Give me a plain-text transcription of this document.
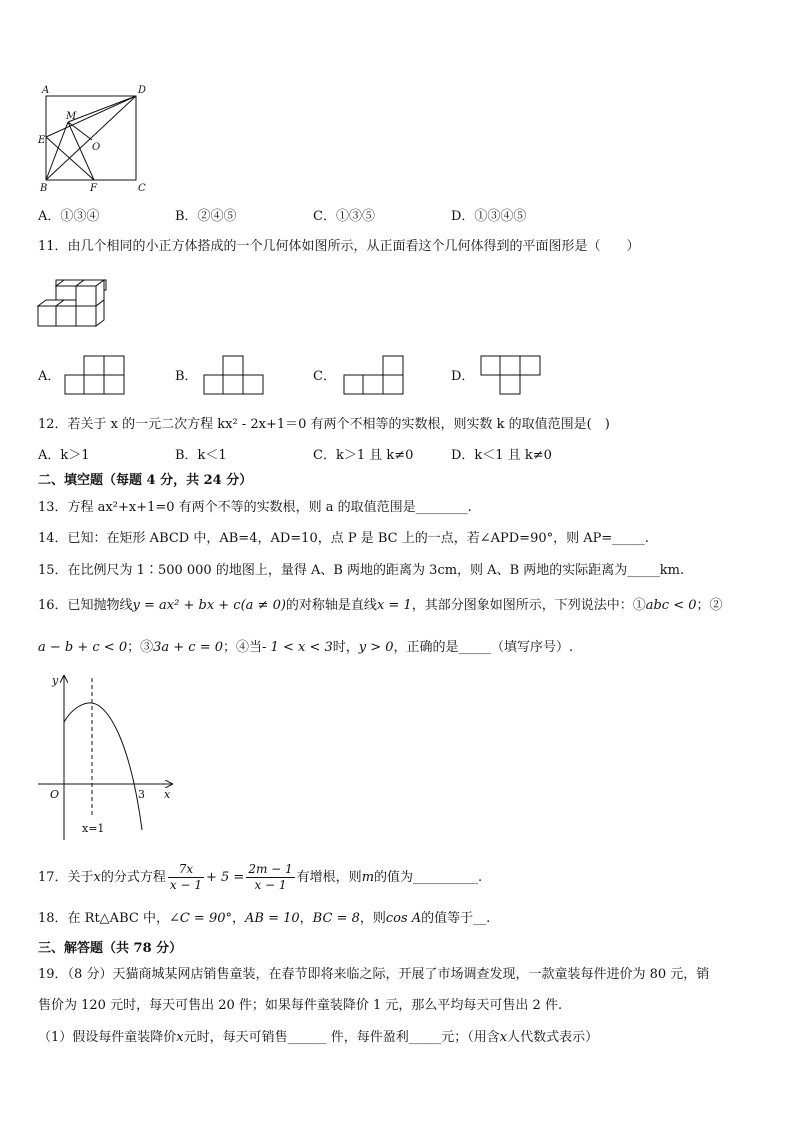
A	D
M
E
O
B	F	C
A．①③④	B．②④⑤	C．①③⑤	D．①③④⑤
11．由几个相同的小正方体搭成的一个几何体如图所示，从正面看这个几何体得到的平面图形是（　　）
A．	B．	C．	D．
12．若关于 x 的一元二次方程 kx² - 2x+1＝0 有两个不相等的实数根，则实数 k 的取值范围是(　)
A．k＞1	B．k＜1	C．k＞1 且 k≠0	D．k＜1 且 k≠0
二、填空题（每题 4 分，共 24 分）
13．方程 ax²+x+1=0 有两个不等的实数根，则 a 的取值范围是________.
14．已知：在矩形 ABCD 中，AB=4，AD=10，点 P 是 BC 上的一点，若∠APD=90°，则 AP=_____.
15．在比例尺为 1∶500 000 的地图上，量得 A、B 两地的距离为 3cm，则 A、B 两地的实际距离为_____km.
16．已知抛物线y = ax² + bx + c(a ≠ 0)的对称轴是直线x = 1，其部分图象如图所示，下列说法中：①abc < 0；②
a − b + c < 0；③3a + c = 0；④当- 1 < x < 3时，y > 0，正确的是_____（填写序号）.
y
x
O	3
x=1
17．关于x的分式方程 $\frac{7x}{x - 1} + 5 = \frac{2m - 1}{x - 1}$ 有增根，则m的值为__________.
18．在 Rt△ABC 中，∠C = 90°，AB = 10，BC = 8，则cos A的值等于__.
三、解答题（共 78 分）
19．（8 分）天猫商城某网店销售童装，在春节即将来临之际，开展了市场调查发现，一款童装每件进价为 80 元，销
售价为 120 元时，每天可售出 20 件；如果每件童装降价 1 元，那么平均每天可售出 2 件.
（1）假设每件童装降价x元时，每天可销售______ 件，每件盈利_____元；（用含x人代数式表示）
